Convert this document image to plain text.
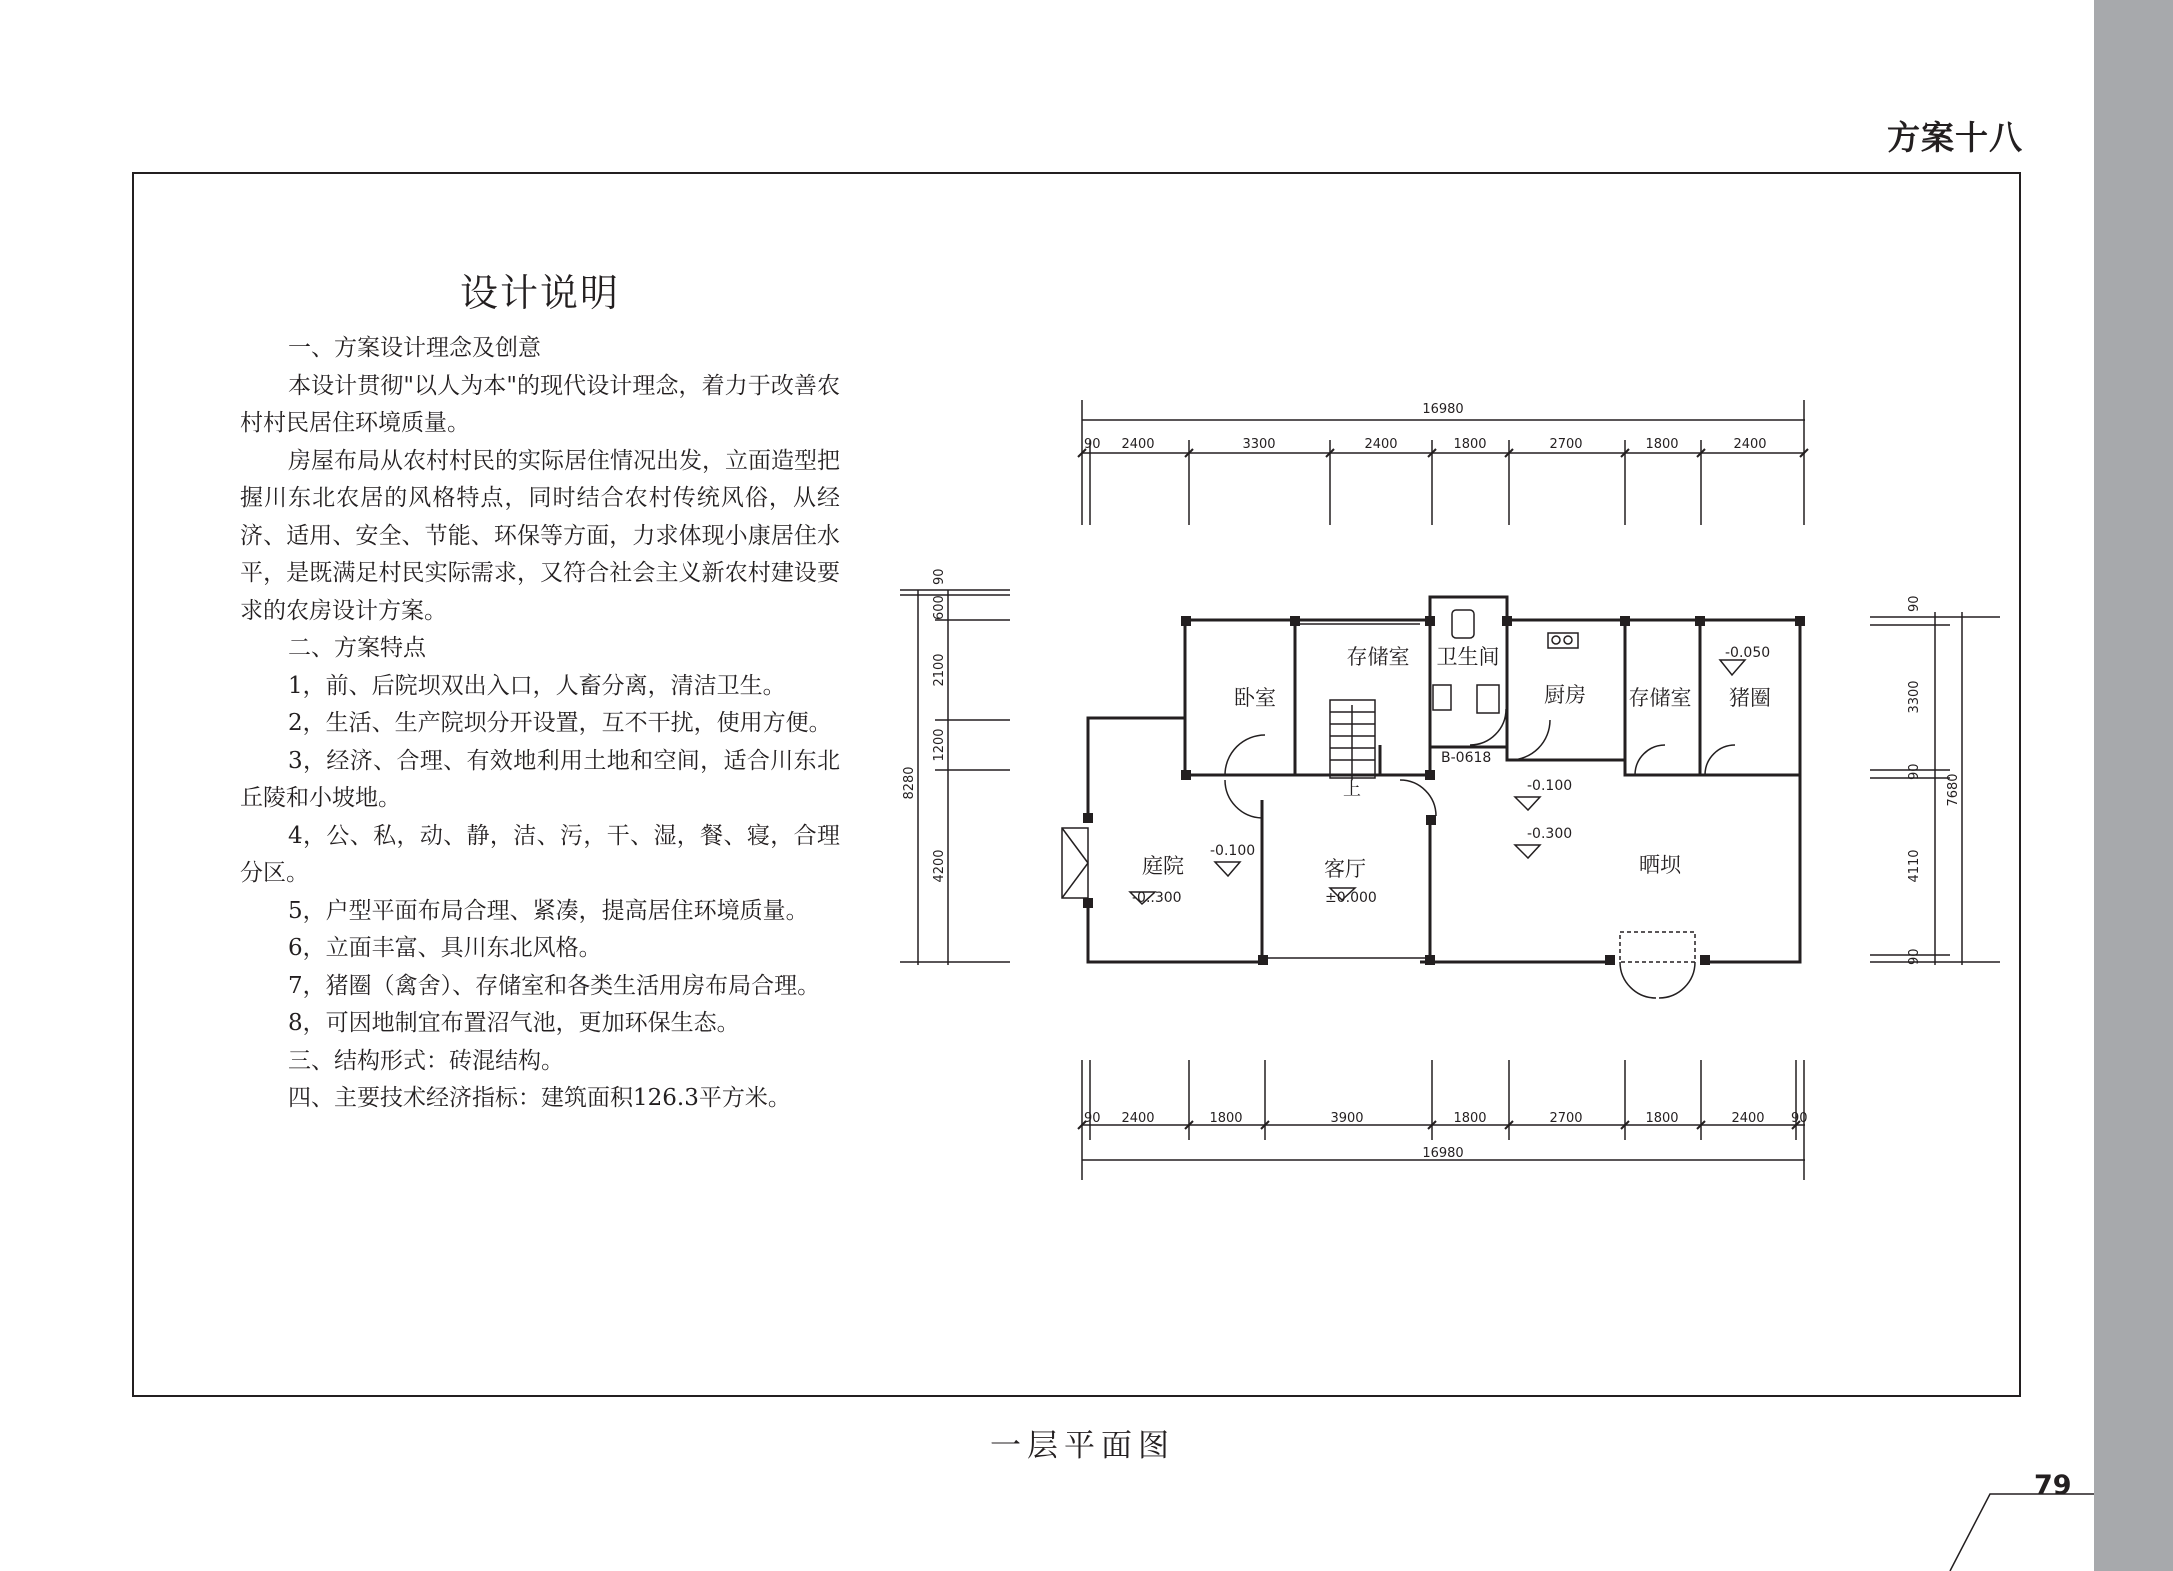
方案十八
设计说明

一、方案设计理念及创意

本设计贯彻"以人为本"的现代设计理念，着力于改善农村村民居住环境质量。

房屋布局从农村村民的实际居住情况出发，立面造型把握川东北农居的风格特点，同时结合农村传统风俗，从经济、适用、安全、节能、环保等方面，力求体现小康居住水平，是既满足村民实际需求，又符合社会主义新农村建设要求的农房设计方案。

二、方案特点

1，前、后院坝双出入口，人畜分离，清洁卫生。

2，生活、生产院坝分开设置，互不干扰，使用方便。

3，经济、合理、有效地利用土地和空间，适合川东北丘陵和小坡地。

4，公、私，动、静，洁、污，干、湿，餐、寝，合理分区。

5，户型平面布局合理、紧凑，提高居住环境质量。

6，立面丰富、具川东北风格。

7，猪圈（禽舍）、存储室和各类生活用房布局合理。

8，可因地制宜布置沼气池，更加环保生态。

三、结构形式：砖混结构。

四、主要技术经济指标：建筑面积126.3平方米。

16980
90 2400	3300	2400	1800	2700	1800	2400
90 2400	1800	3900	1800	2700	1800	2400 90
16980
8280
90
600
2100
1200
4200
90
3300
90
4110
90
7680
卧室
存储室 卫生间
厨房 存储室 猪圈
庭院	客厅	晒坝
上
-0.050
-0.100
-0..300	±0.000
-0.100
-0.300
B-0618
一层平面图
79
